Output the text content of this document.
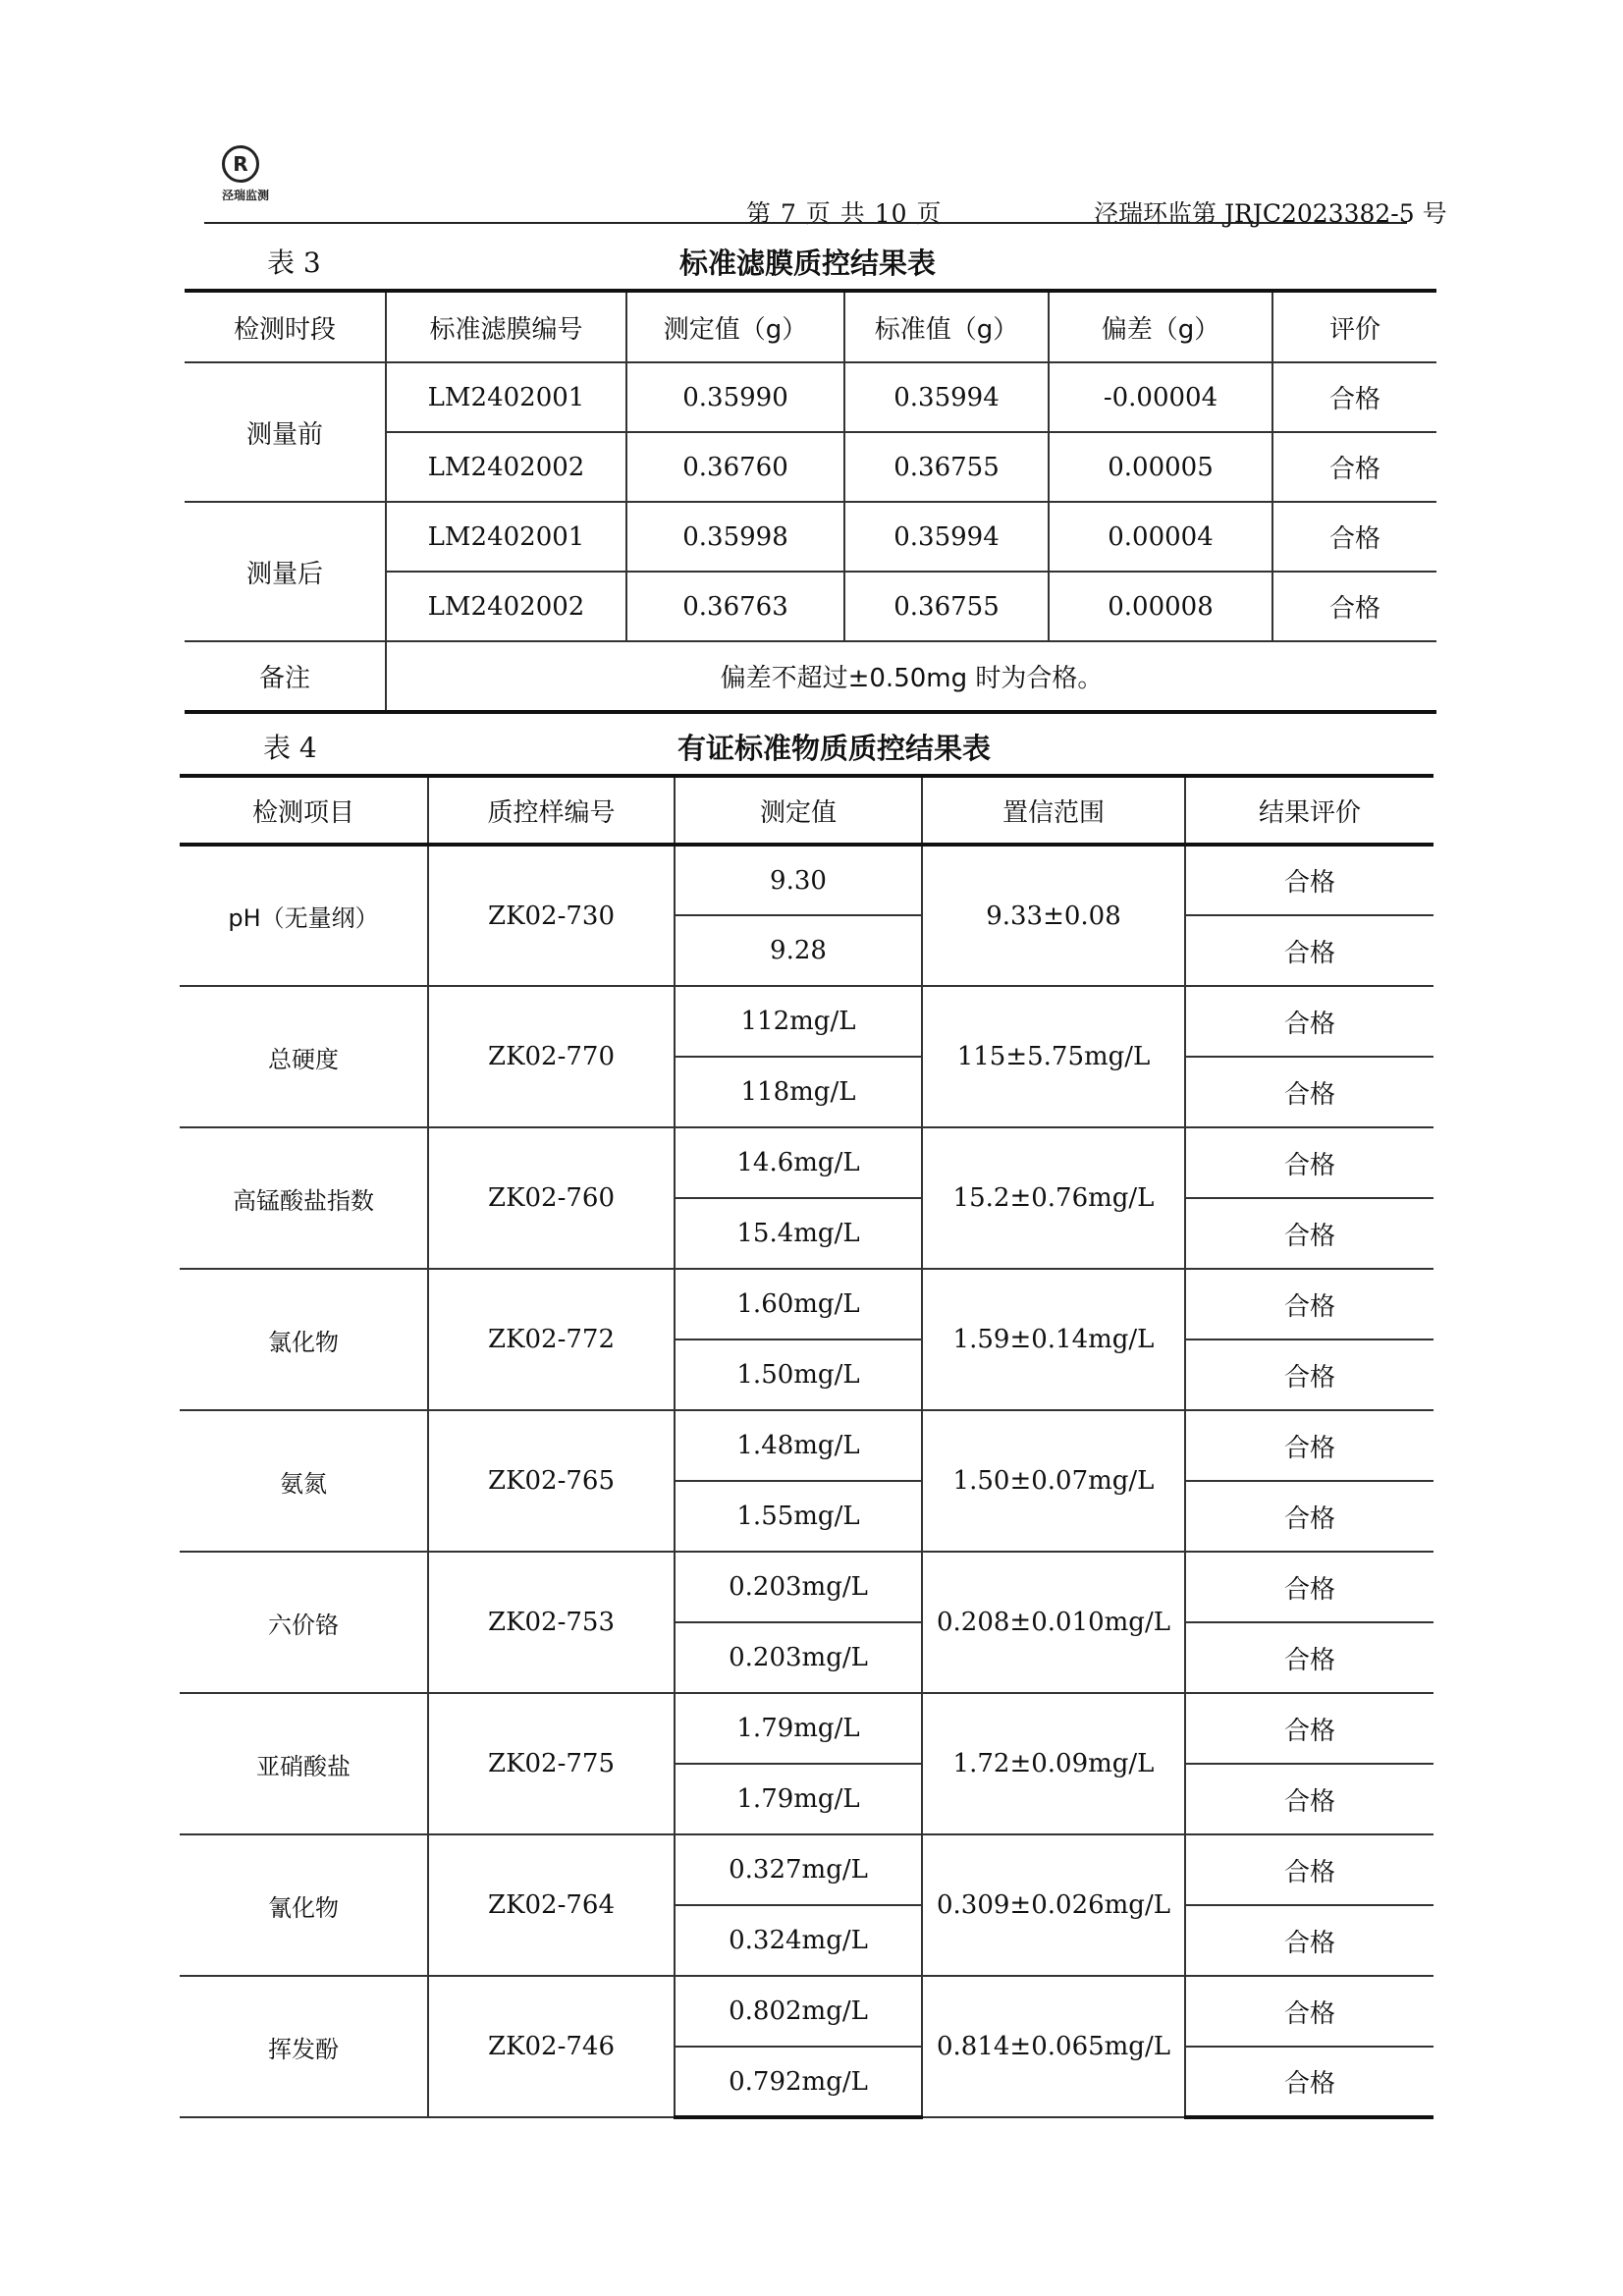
R
泾瑞监测
第 7 页 共 10 页	泾瑞环监第 JRJC2023382-5 号
表 3	标准滤膜质控结果表
检测时段	标准滤膜编号	测定值（g）	标准值（g）	偏差（g）	评价
测量前	LM2402001	0.35990	0.35994	-0.00004	合格
	LM2402002	0.36760	0.36755	0.00005	合格
测量后	LM2402001	0.35998	0.35994	0.00004	合格
	LM2402002	0.36763	0.36755	0.00008	合格
备注	偏差不超过±0.50mg 时为合格。				
表 4	有证标准物质质控结果表
检测项目	质控样编号	测定值	置信范围	结果评价
pH（无量纲）	ZK02-730	9.30	9.33±0.08	合格
		9.28		合格
总硬度	ZK02-770	112mg/L	115±5.75mg/L	合格
		118mg/L		合格
高锰酸盐指数	ZK02-760	14.6mg/L	15.2±0.76mg/L	合格
		15.4mg/L		合格
氯化物	ZK02-772	1.60mg/L	1.59±0.14mg/L	合格
		1.50mg/L		合格
氨氮	ZK02-765	1.48mg/L	1.50±0.07mg/L	合格
		1.55mg/L		合格
六价铬	ZK02-753	0.203mg/L	0.208±0.010mg/L	合格
		0.203mg/L		合格
亚硝酸盐	ZK02-775	1.79mg/L	1.72±0.09mg/L	合格
		1.79mg/L		合格
氰化物	ZK02-764	0.327mg/L	0.309±0.026mg/L	合格
		0.324mg/L		合格
挥发酚	ZK02-746	0.802mg/L	0.814±0.065mg/L	合格
		0.792mg/L		合格
